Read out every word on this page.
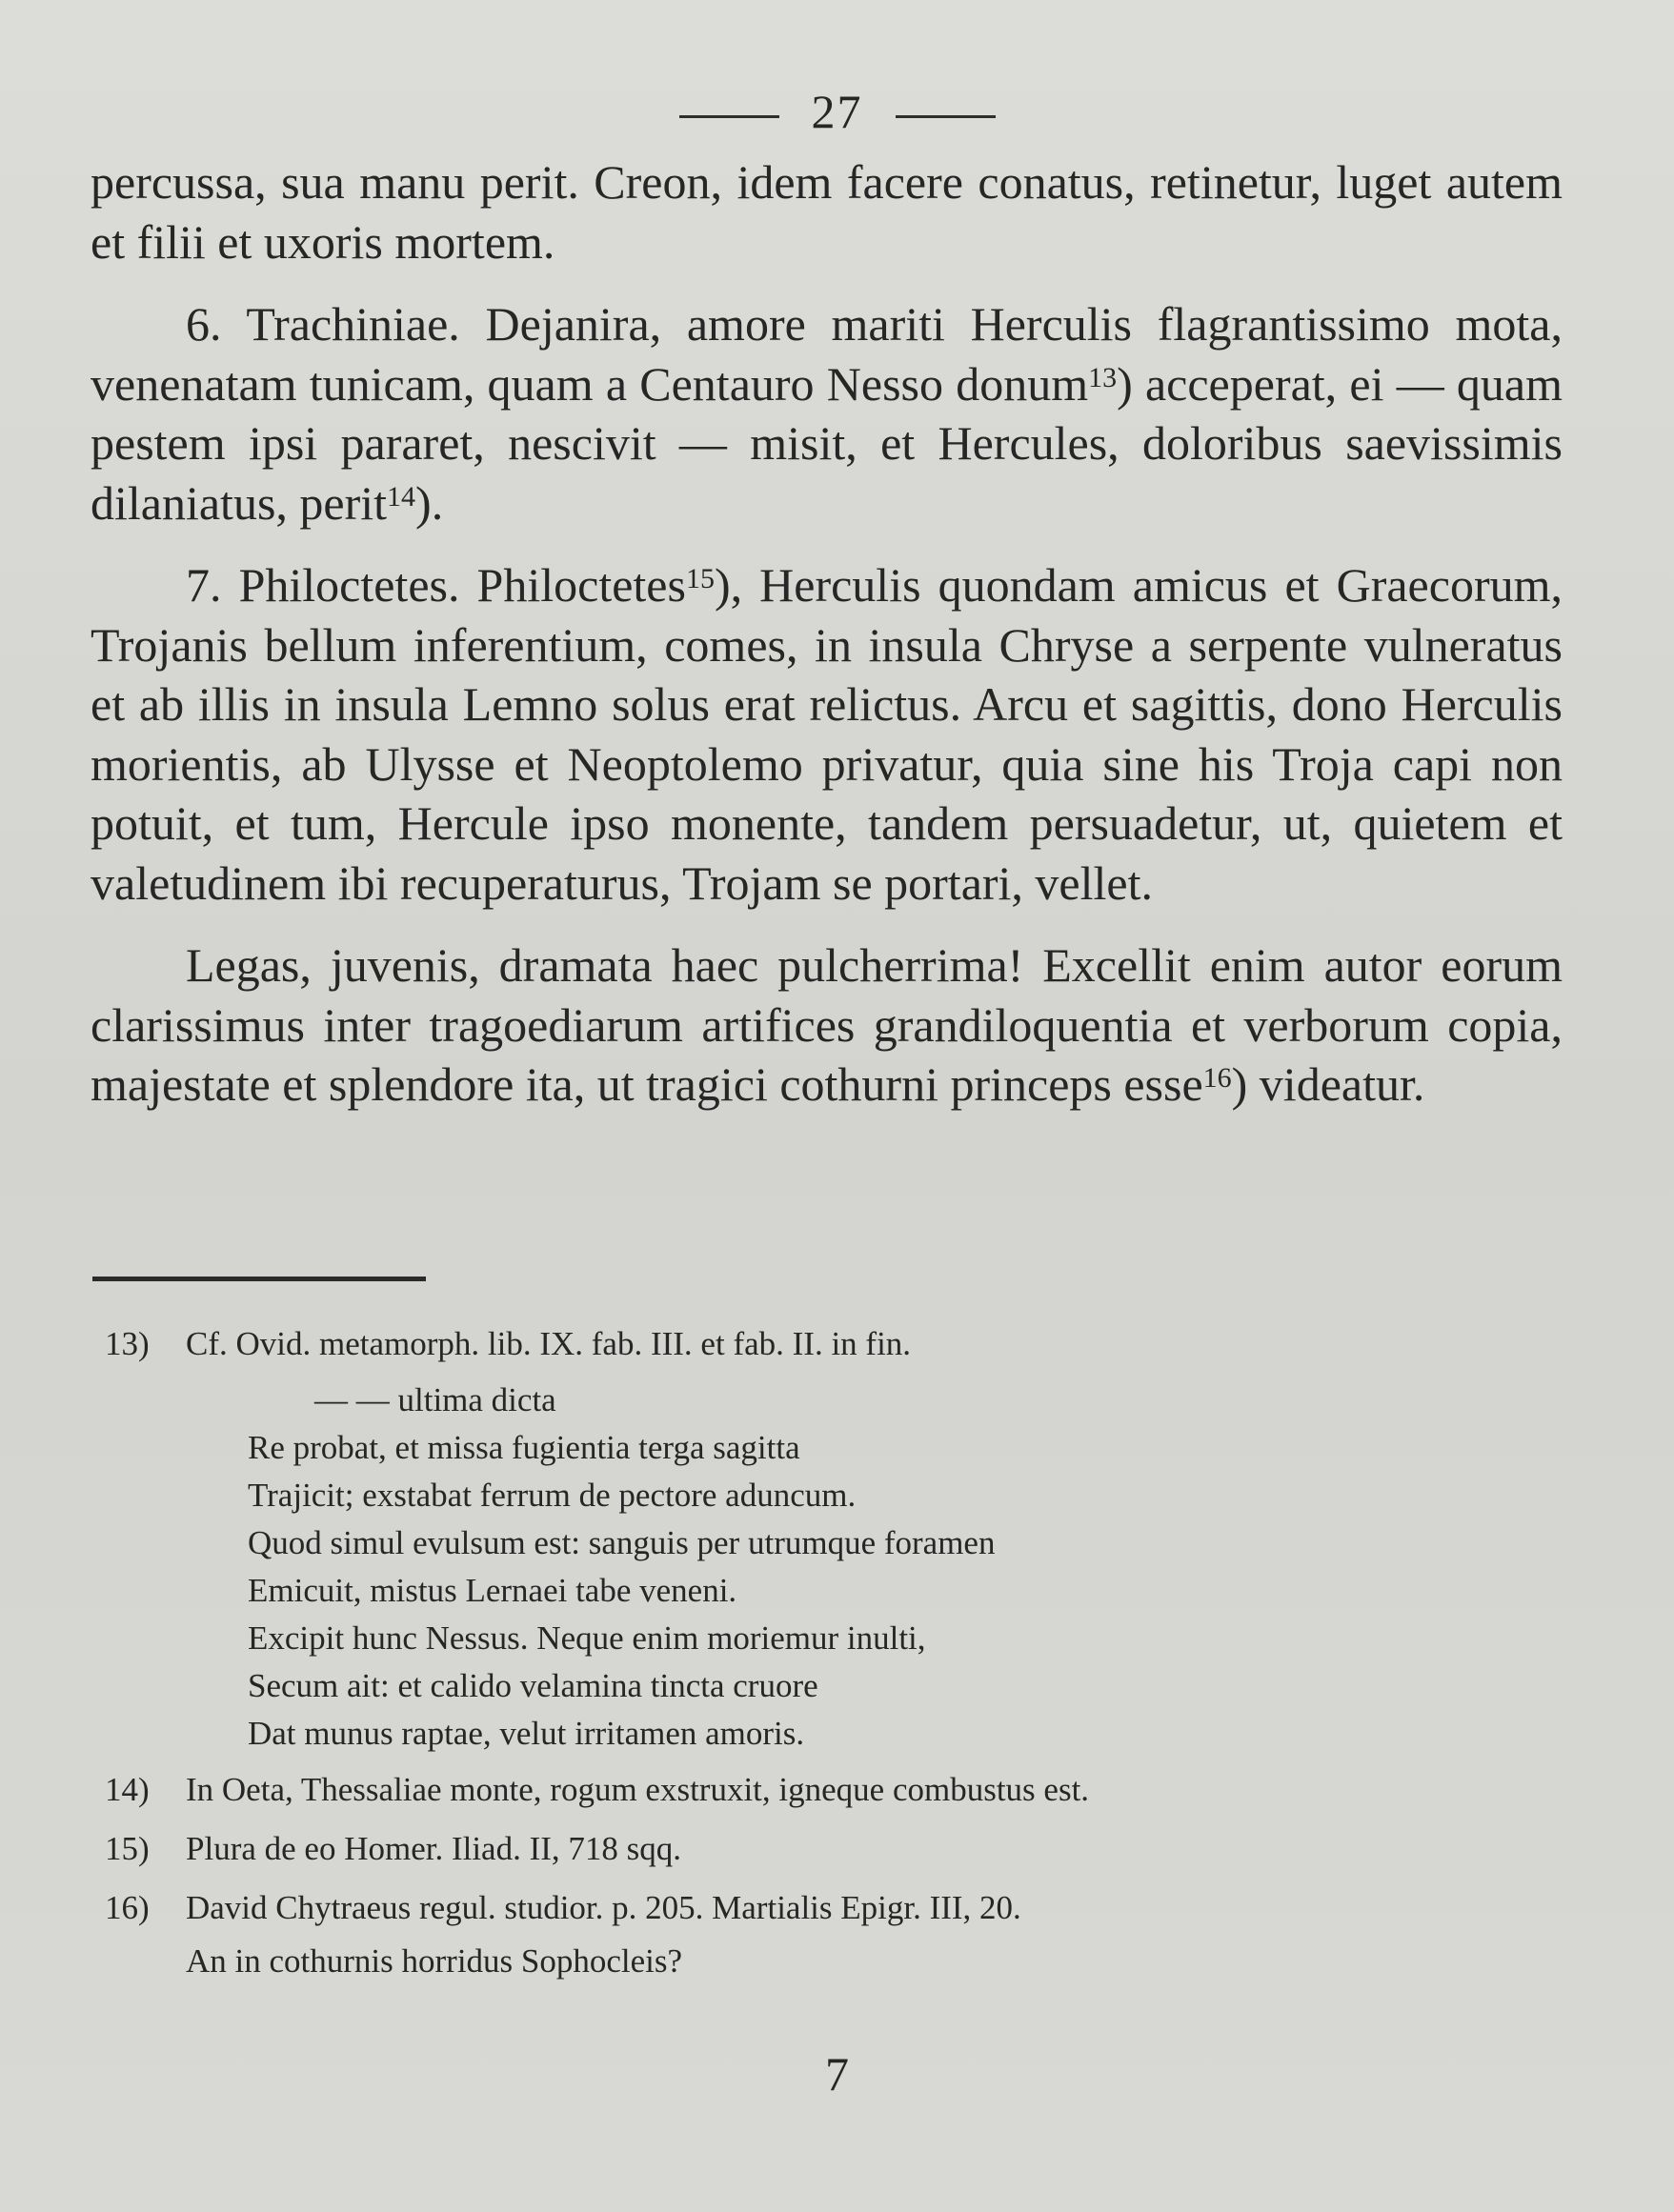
27

percussa, sua manu perit. Creon, idem facere conatus, retinetur, luget autem et filii et uxoris mortem.

6. Trachiniae. Dejanira, amore mariti Herculis flagrantissimo mota, venenatam tunicam, quam a Centauro Nesso donum$^{13}$) acceperat, ei — quam pestem ipsi pararet, nescivit — misit, et Hercules, doloribus saevissimis dilaniatus, perit$^{14}$).

7. Philoctetes. Philoctetes$^{15}$), Herculis quondam amicus et Graecorum, Trojanis bellum inferentium, comes, in insula Chryse a serpente vulneratus et ab illis in insula Lemno solus erat relictus. Arcu et sagittis, dono Herculis morientis, ab Ulysse et Neoptolemo privatur, quia sine his Troja capi non potuit, et tum, Hercule ipso monente, tandem persuadetur, ut, quietem et valetudinem ibi recuperaturus, Trojam se portari, vellet.

Legas, juvenis, dramata haec pulcherrima! Excellit enim autor eorum clarissimus inter tragoediarum artifices grandiloquentia et verborum copia, majestate et splendore ita, ut tragici cothurni princeps esse$^{16}$) videatur.

13)	Cf. Ovid. metamorph. lib. IX. fab. III. et fab. II. in fin.
— — ultima dicta
Re probat, et missa fugientia terga sagitta
Trajicit; exstabat ferrum de pectore aduncum.
Quod simul evulsum est: sanguis per utrumque foramen
Emicuit, mistus Lernaei tabe veneni.
Excipit hunc Nessus. Neque enim moriemur inulti,
Secum ait: et calido velamina tincta cruore
Dat munus raptae, velut irritamen amoris.
14)	In Oeta, Thessaliae monte, rogum exstruxit, igneque combustus est.
15)	Plura de eo Homer. Iliad. II, 718 sqq.
16)	David Chytraeus regul. studior. p. 205. Martialis Epigr. III, 20.
An in cothurnis horridus Sophocleis?
7
